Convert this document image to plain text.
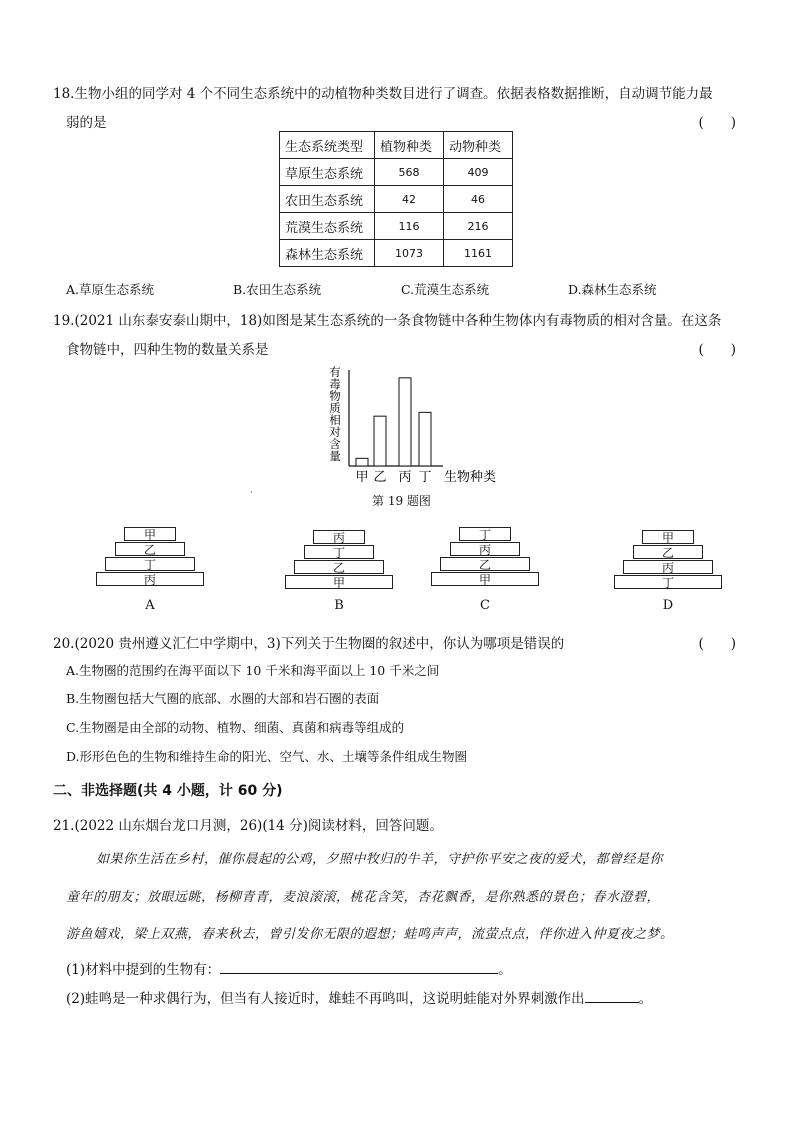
18.生物小组的同学对 4 个不同生态系统中的动植物种类数目进行了调查。依据表格数据推断，自动调节能力最
弱的是	(　　)
生态系统类型	植物种类	动物种类
草原生态系统	568	409
农田生态系统	42	46
荒漠生态系统	116	216
森林生态系统	1073	1161
A.草原生态系统	B.农田生态系统	C.荒漠生态系统	D.森林生态系统
19.(2021 山东泰安泰山期中，18)如图是某生态系统的一条食物链中各种生物体内有毒物质的相对含量。在这条
食物链中，四种生物的数量关系是	(　　)
有
毒
物
质
相
对
含
量
甲 乙 丙 丁 生物种类
第 19 题图
·
甲
乙
丁
丙
A
丙
丁
乙
甲
B
丁
丙
乙
甲
C
甲
乙
丙
丁
D
20.(2020 贵州遵义汇仁中学期中，3)下列关于生物圈的叙述中，你认为哪项是错误的	(　　)
A.生物圈的范围约在海平面以下 10 千米和海平面以上 10 千米之间
B.生物圈包括大气圈的底部、水圈的大部和岩石圈的表面
C.生物圈是由全部的动物、植物、细菌、真菌和病毒等组成的
D.形形色色的生物和维持生命的阳光、空气、水、土壤等条件组成生物圈
二、非选择题(共 4 小题，计 60 分)
21.(2022 山东烟台龙口月测，26)(14 分)阅读材料，回答问题。
如果你生活在乡村，催你晨起的公鸡，夕照中牧归的牛羊，守护你平安之夜的爱犬，都曾经是你
童年的朋友；放眼远眺，杨柳青青，麦浪滚滚，桃花含笑，杏花飘香，是你熟悉的景色；春水澄碧，
游鱼嬉戏，梁上双燕，春来秋去，曾引发你无限的遐想；蛙鸣声声，流萤点点，伴你进入仲夏夜之梦。
(1)材料中提到的生物有：	。
(2)蛙鸣是一种求偶行为，但当有人接近时，雄蛙不再鸣叫，这说明蛙能对外界刺激作出	。
